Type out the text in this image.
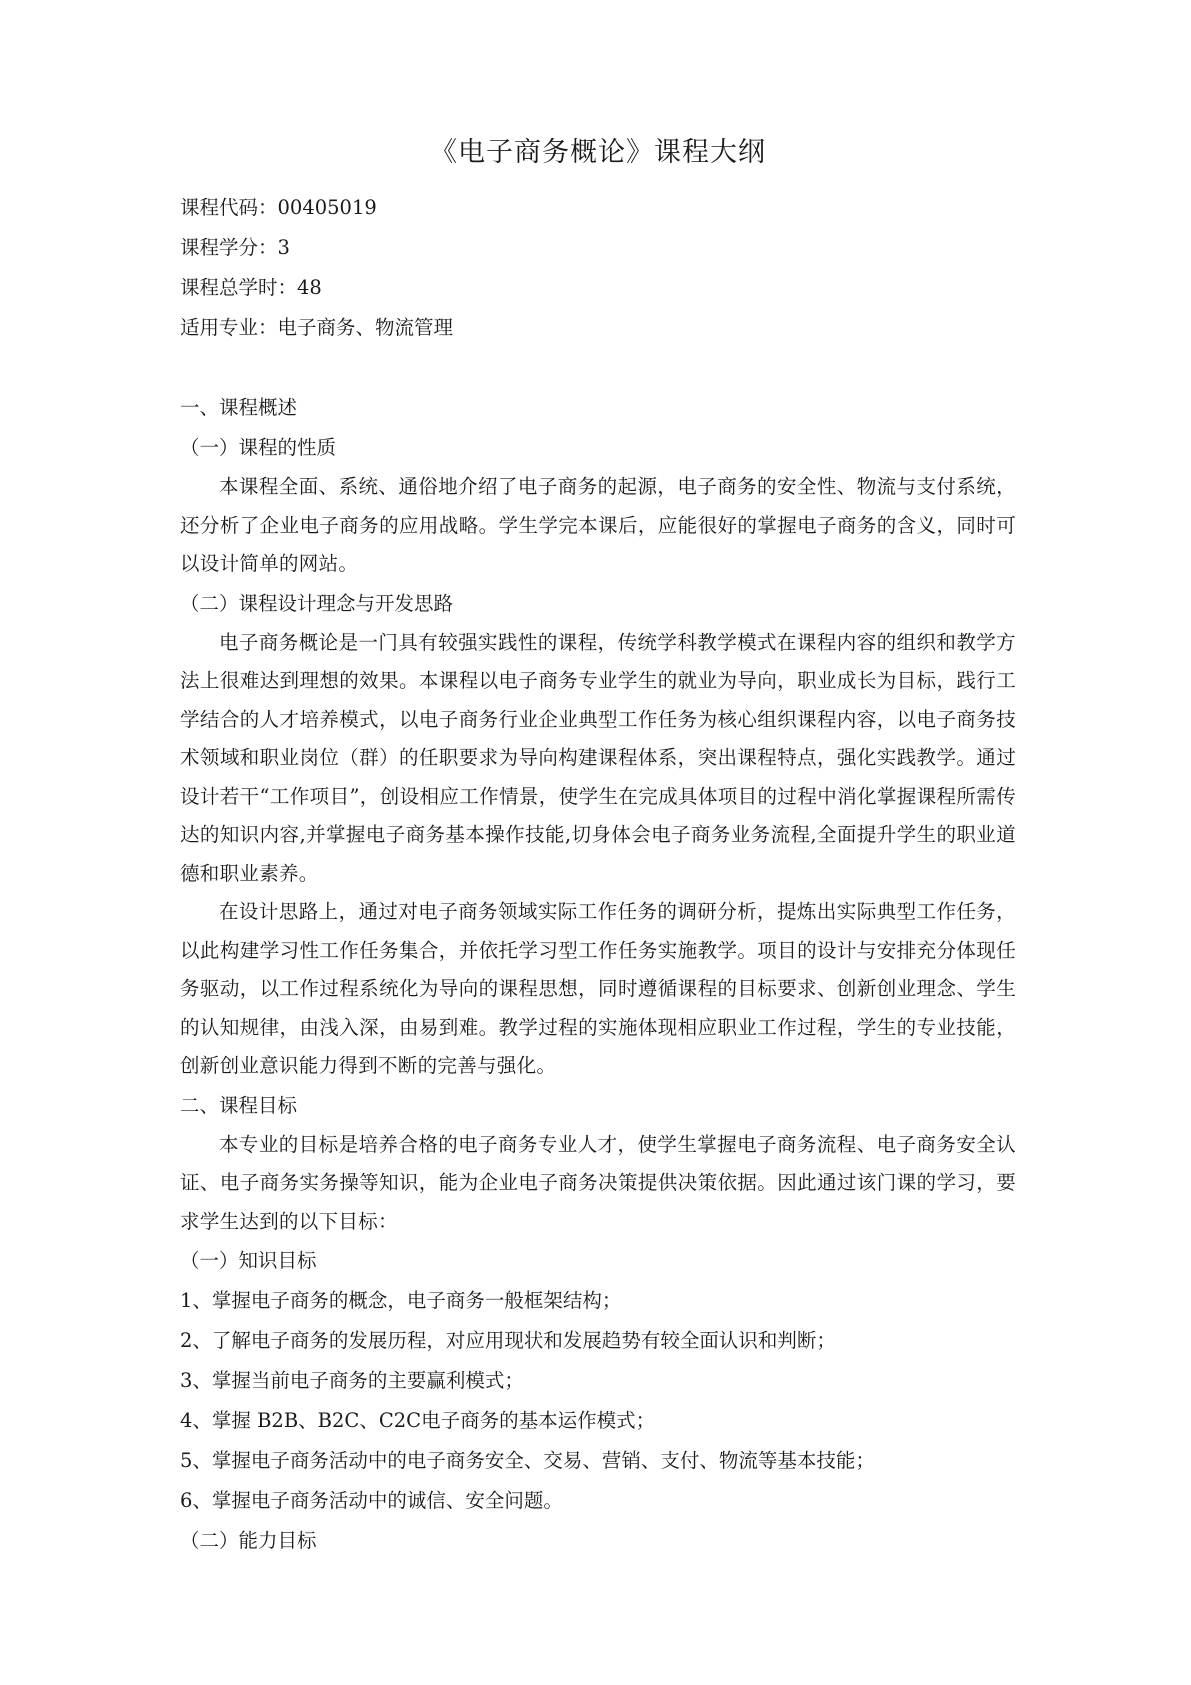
《电子商务概论》课程大纲

课程代码：00405019

课程学分：3

课程总学时：48

适用专业：电子商务、物流管理

一、课程概述

（一）课程的性质

本课程全面、系统、通俗地介绍了电子商务的起源，电子商务的安全性、物流与支付系统，还分析了企业电子商务的应用战略。学生学完本课后，应能很好的掌握电子商务的含义，同时可以设计简单的网站。

（二）课程设计理念与开发思路

电子商务概论是一门具有较强实践性的课程，传统学科教学模式在课程内容的组织和教学方法上很难达到理想的效果。本课程以电子商务专业学生的就业为导向，职业成长为目标，践行工学结合的人才培养模式，以电子商务行业企业典型工作任务为核心组织课程内容，以电子商务技术领域和职业岗位（群）的任职要求为导向构建课程体系，突出课程特点，强化实践教学。通过设计若干“工作项目”，创设相应工作情景，使学生在完成具体项目的过程中消化掌握课程所需传达的知识内容,并掌握电子商务基本操作技能,切身体会电子商务业务流程,全面提升学生的职业道德和职业素养。

在设计思路上，通过对电子商务领域实际工作任务的调研分析，提炼出实际典型工作任务，以此构建学习性工作任务集合，并依托学习型工作任务实施教学。项目的设计与安排充分体现任务驱动，以工作过程系统化为导向的课程思想，同时遵循课程的目标要求、创新创业理念、学生的认知规律，由浅入深，由易到难。教学过程的实施体现相应职业工作过程，学生的专业技能，创新创业意识能力得到不断的完善与强化。

二、课程目标

本专业的目标是培养合格的电子商务专业人才，使学生掌握电子商务流程、电子商务安全认证、电子商务实务操等知识，能为企业电子商务决策提供决策依据。因此通过该门课的学习，要求学生达到的以下目标：

（一）知识目标

1、掌握电子商务的概念，电子商务一般框架结构；

2、了解电子商务的发展历程，对应用现状和发展趋势有较全面认识和判断；

3、掌握当前电子商务的主要赢利模式；

4、掌握 B2B、B2C、C2C电子商务的基本运作模式；

5、掌握电子商务活动中的电子商务安全、交易、营销、支付、物流等基本技能；

6、掌握电子商务活动中的诚信、安全问题。

（二）能力目标
